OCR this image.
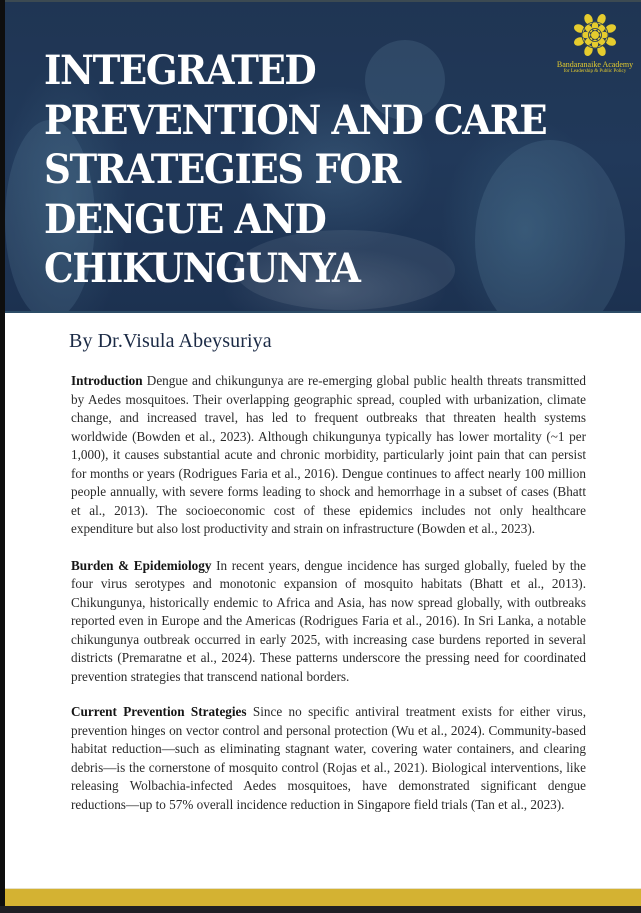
INTEGRATED
PREVENTION AND CARE
STRATEGIES FOR
DENGUE AND
CHIKUNGUNYA
Bandaranaike Academy
for Leadership & Public Policy
By Dr.Visula Abeysuriya

Introduction Dengue and chikungunya are re-emerging global public health threats transmitted by Aedes mosquitoes. Their overlapping geographic spread, coupled with urbanization, climate change, and increased travel, has led to frequent outbreaks that threaten health systems worldwide (Bowden et al., 2023). Although chikungunya typically has lower mortality (~1 per 1,000), it causes substantial acute and chronic morbidity, particularly joint pain that can persist for months or years (Rodrigues Faria et al., 2016). Dengue continues to affect nearly 100 million people annually, with severe forms leading to shock and hemorrhage in a subset of cases (Bhatt et al., 2013). The socioeconomic cost of these epidemics includes not only healthcare expenditure but also lost productivity and strain on infrastructure (Bowden et al., 2023).

Burden & Epidemiology In recent years, dengue incidence has surged globally, fueled by the four virus serotypes and monotonic expansion of mosquito habitats (Bhatt et al., 2013). Chikungunya, historically endemic to Africa and Asia, has now spread globally, with outbreaks reported even in Europe and the Americas (Rodrigues Faria et al., 2016). In Sri Lanka, a notable chikungunya outbreak occurred in early 2025, with increasing case burdens reported in several districts (Premaratne et al., 2024). These patterns underscore the pressing need for coordinated prevention strategies that transcend national borders.

Current Prevention Strategies Since no specific antiviral treatment exists for either virus, prevention hinges on vector control and personal protection (Wu et al., 2024). Community-based habitat reduction—such as eliminating stagnant water, covering water containers, and clearing debris—is the cornerstone of mosquito control (Rojas et al., 2021). Biological interventions, like releasing Wolbachia-infected Aedes mosquitoes, have demonstrated significant dengue reductions—up to 57% overall incidence reduction in Singapore field trials (Tan et al., 2023).
